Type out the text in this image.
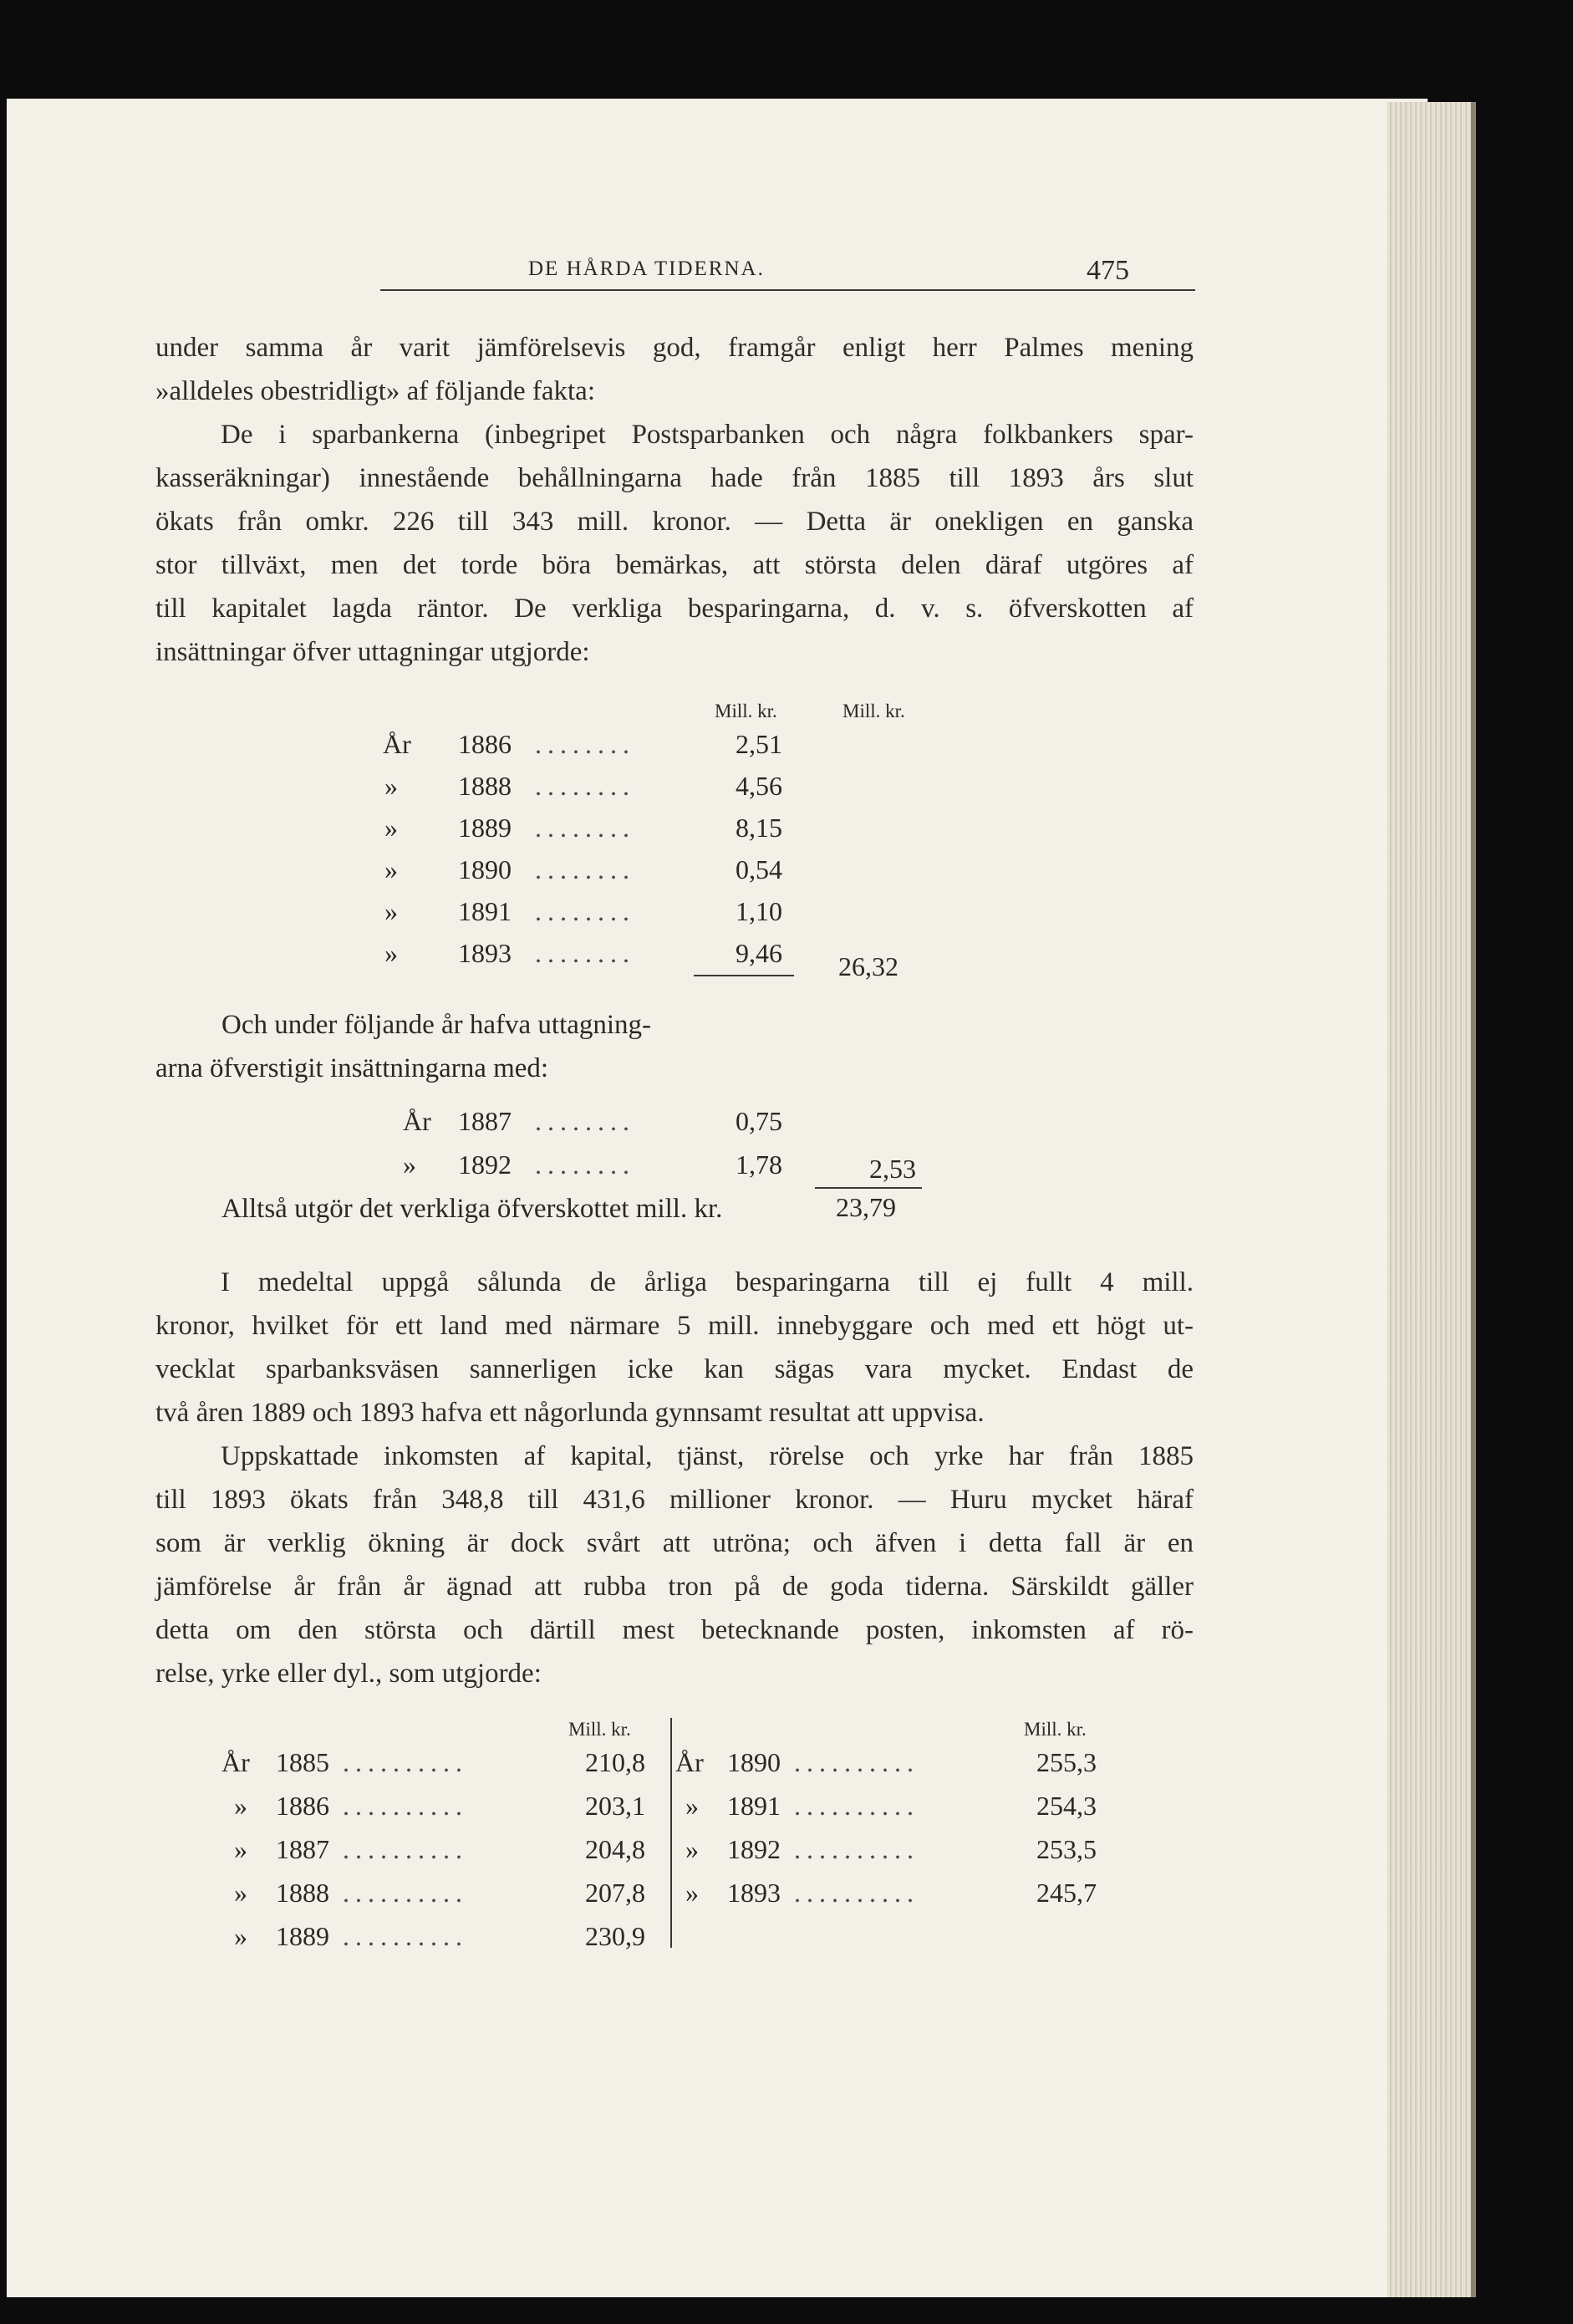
DE HÅRDA TIDERNA.	475
under samma år varit jämförelsevis god, framgår enligt herr Palmes mening
»alldeles obestridligt» af följande fakta:
De i sparbankerna (inbegripet Postsparbanken och några folkbankers spar-
kasseräkningar) innestående behållningarna hade från 1885 till 1893 års slut
ökats från omkr. 226 till 343 mill. kronor. — Detta är onekligen en ganska
stor tillväxt, men det torde böra bemärkas, att största delen däraf utgöres af
till kapitalet lagda räntor. De verkliga besparingarna, d. v. s. öfverskotten af
insättningar öfver uttagningar utgjorde:
Mill. kr.	Mill. kr.
År 1886 ........	2,51
» 1888 ........	4,56
» 1889 ........	8,15
» 1890 ........	0,54
» 1891 ........	1,10
» 1893 ........	9,46 26,32
Och under följande år hafva uttagning-
arna öfverstigit insättningarna med:
År 1887 ........	0,75
» 1892 ........	1,78	2,53
Alltså utgör det verkliga öfverskottet mill. kr.	23,79
I medeltal uppgå sålunda de årliga besparingarna till ej fullt 4 mill.
kronor, hvilket för ett land med närmare 5 mill. innebyggare och med ett högt ut-
vecklat sparbanksväsen sannerligen icke kan sägas vara mycket. Endast de
två åren 1889 och 1893 hafva ett någorlunda gynnsamt resultat att uppvisa.
Uppskattade inkomsten af kapital, tjänst, rörelse och yrke har från 1885
till 1893 ökats från 348,8 till 431,6 millioner kronor. — Huru mycket häraf
som är verklig ökning är dock svårt att utröna; och äfven i detta fall är en
jämförelse år från år ägnad att rubba tron på de goda tiderna. Särskildt gäller
detta om den största och därtill mest betecknande posten, inkomsten af rö-
relse, yrke eller dyl., som utgjorde:
Mill. kr.	Mill. kr.
År 1885 ..........	210,8
» 1886 ..........	203,1
» 1887 ..........	204,8
» 1888 ..........	207,8
» 1889 ..........	230,9
År 1890 ..........	255,3
» 1891 ..........	254,3
» 1892 ..........	253,5
» 1893 ..........	245,7
